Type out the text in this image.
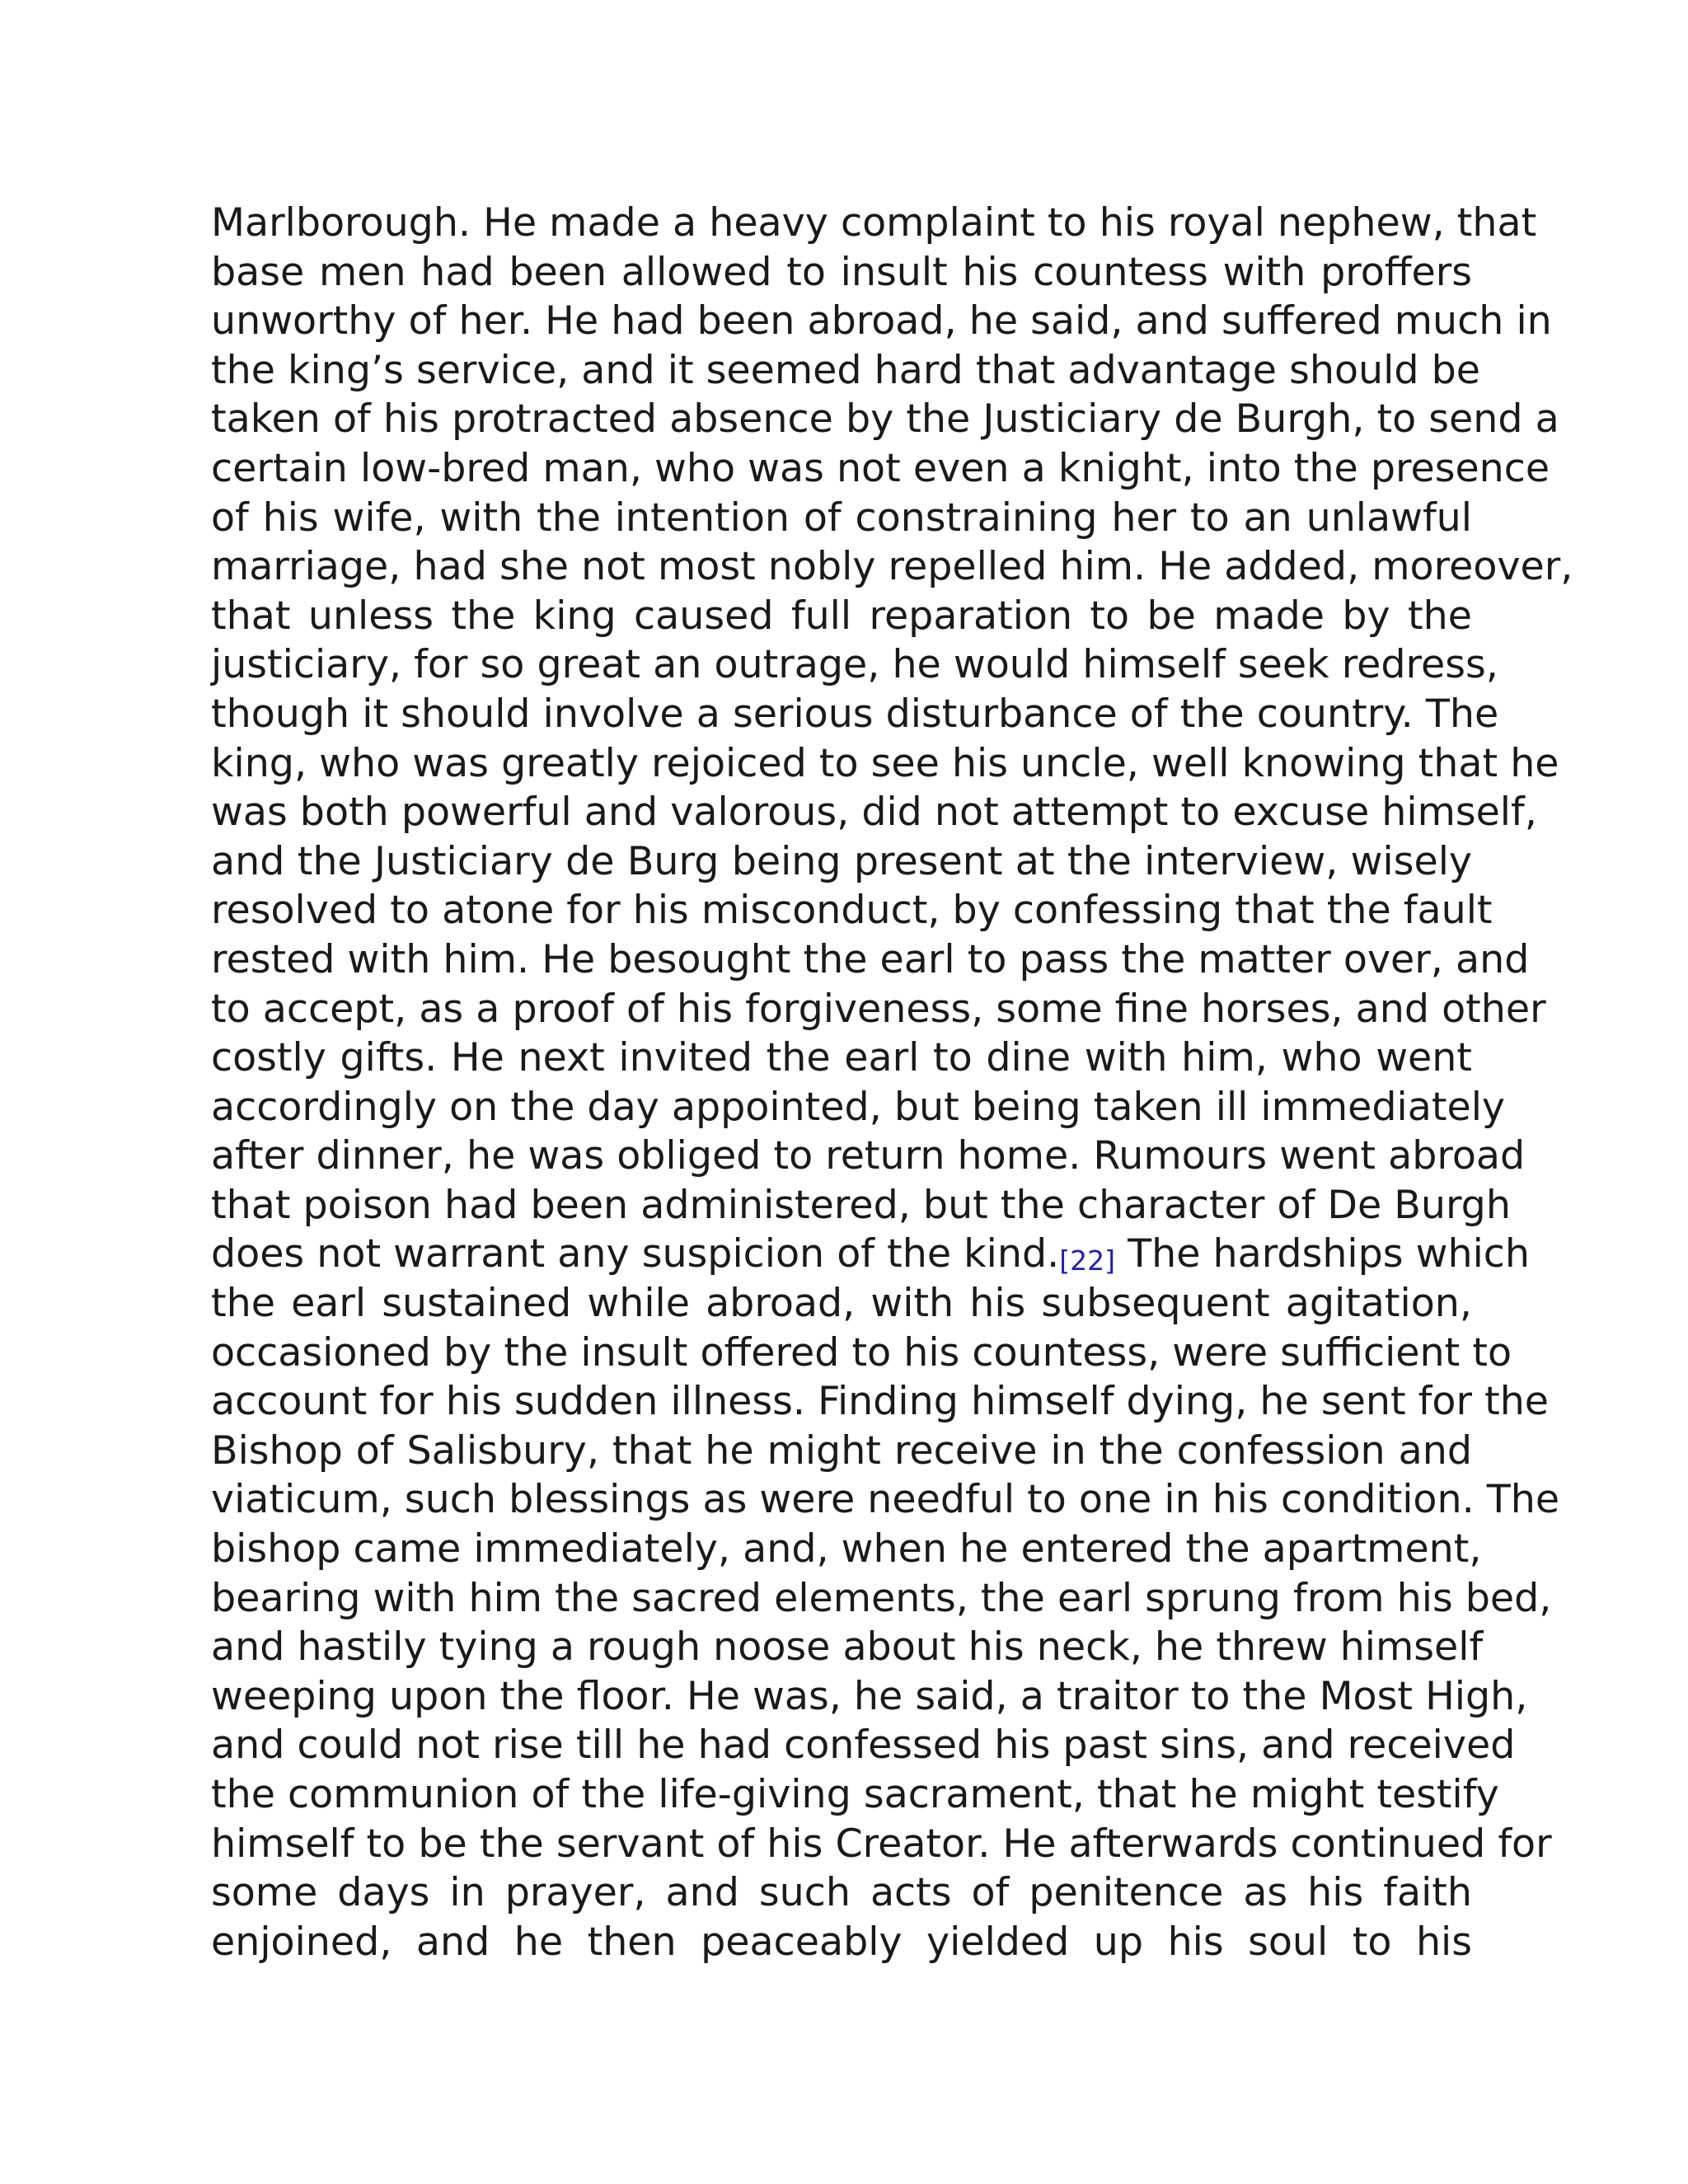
Marlborough. He made a heavy complaint to his royal nephew, that
base men had been allowed to insult his countess with proffers
unworthy of her. He had been abroad, he said, and suffered much in
the king’s service, and it seemed hard that advantage should be
taken of his protracted absence by the Justiciary de Burgh, to send a
certain low-bred man, who was not even a knight, into the presence
of his wife, with the intention of constraining her to an unlawful
marriage, had she not most nobly repelled him. He added, moreover,
that unless the king caused full reparation to be made by the
justiciary, for so great an outrage, he would himself seek redress,
though it should involve a serious disturbance of the country. The
king, who was greatly rejoiced to see his uncle, well knowing that he
was both powerful and valorous, did not attempt to excuse himself,
and the Justiciary de Burg being present at the interview, wisely
resolved to atone for his misconduct, by confessing that the fault
rested with him. He besought the earl to pass the matter over, and
to accept, as a proof of his forgiveness, some fine horses, and other
costly gifts. He next invited the earl to dine with him, who went
accordingly on the day appointed, but being taken ill immediately
after dinner, he was obliged to return home. Rumours went abroad
that poison had been administered, but the character of De Burgh
does not warrant any suspicion of the kind.[22] The hardships which
the earl sustained while abroad, with his subsequent agitation,
occasioned by the insult offered to his countess, were sufficient to
account for his sudden illness. Finding himself dying, he sent for the
Bishop of Salisbury, that he might receive in the confession and
viaticum, such blessings as were needful to one in his condition. The
bishop came immediately, and, when he entered the apartment,
bearing with him the sacred elements, the earl sprung from his bed,
and hastily tying a rough noose about his neck, he threw himself
weeping upon the floor. He was, he said, a traitor to the Most High,
and could not rise till he had confessed his past sins, and received
the communion of the life-giving sacrament, that he might testify
himself to be the servant of his Creator. He afterwards continued for
some days in prayer, and such acts of penitence as his faith
enjoined, and he then peaceably yielded up his soul to his
